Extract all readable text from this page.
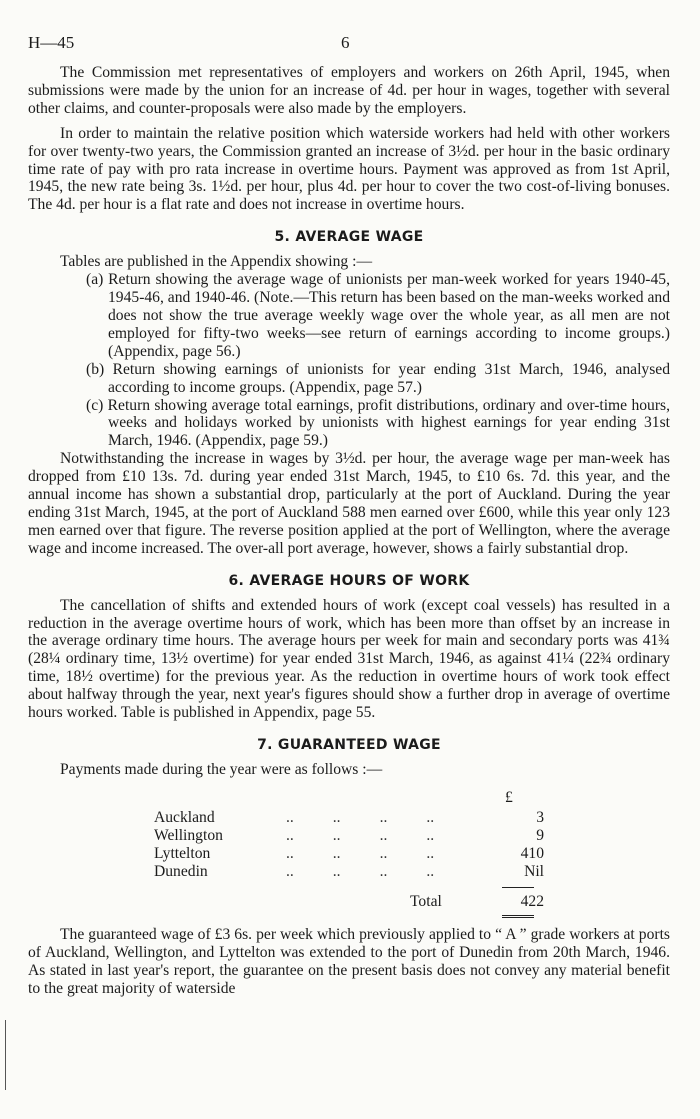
H—45	6

The Commission met representatives of employers and workers on 26th April, 1945, when submissions were made by the union for an increase of 4d. per hour in wages, together with several other claims, and counter-proposals were also made by the employers.

In order to maintain the relative position which waterside workers had held with other workers for over twenty-two years, the Commission granted an increase of 3½d. per hour in the basic ordinary time rate of pay with pro rata increase in overtime hours. Payment was approved as from 1st April, 1945, the new rate being 3s. 1½d. per hour, plus 4d. per hour to cover the two cost-of-living bonuses. The 4d. per hour is a flat rate and does not increase in overtime hours.

5. AVERAGE WAGE

Tables are published in the Appendix showing :—

(a) Return showing the average wage of unionists per man-week worked for years 1940-45, 1945-46, and 1940-46. (Note.—This return has been based on the man-weeks worked and does not show the true average weekly wage over the whole year, as all men are not employed for fifty-two weeks—see return of earnings according to income groups.) (Appendix, page 56.)

(b) Return showing earnings of unionists for year ending 31st March, 1946, analysed according to income groups. (Appendix, page 57.)

(c) Return showing average total earnings, profit distributions, ordinary and over-time hours, weeks and holidays worked by unionists with highest earnings for year ending 31st March, 1946. (Appendix, page 59.)

Notwithstanding the increase in wages by 3½d. per hour, the average wage per man-week has dropped from £10 13s. 7d. during year ended 31st March, 1945, to £10 6s. 7d. this year, and the annual income has shown a substantial drop, particularly at the port of Auckland. During the year ending 31st March, 1945, at the port of Auckland 588 men earned over £600, while this year only 123 men earned over that figure. The reverse position applied at the port of Wellington, where the average wage and income increased. The over-all port average, however, shows a fairly substantial drop.

6. AVERAGE HOURS OF WORK

The cancellation of shifts and extended hours of work (except coal vessels) has resulted in a reduction in the average overtime hours of work, which has been more than offset by an increase in the average ordinary time hours. The average hours per week for main and secondary ports was 41¾ (28¼ ordinary time, 13½ overtime) for year ended 31st March, 1946, as against 41¼ (22¾ ordinary time, 18½ overtime) for the previous year. As the reduction in overtime hours of work took effect about halfway through the year, next year's figures should show a further drop in average of overtime hours worked. Table is published in Appendix, page 55.

7. GUARANTEED WAGE

Payments made during the year were as follows :—

£
Auckland	..          ..          ..          ..	3
Wellington	..          ..          ..          ..	9
Lyttelton	..          ..          ..          ..	410
Dunedin	..          ..          ..          ..	Nil
Total	422

The guaranteed wage of £3 6s. per week which previously applied to “ A ” grade workers at ports of Auckland, Wellington, and Lyttelton was extended to the port of Dunedin from 20th March, 1946. As stated in last year's report, the guarantee on the present basis does not convey any material benefit to the great majority of waterside
